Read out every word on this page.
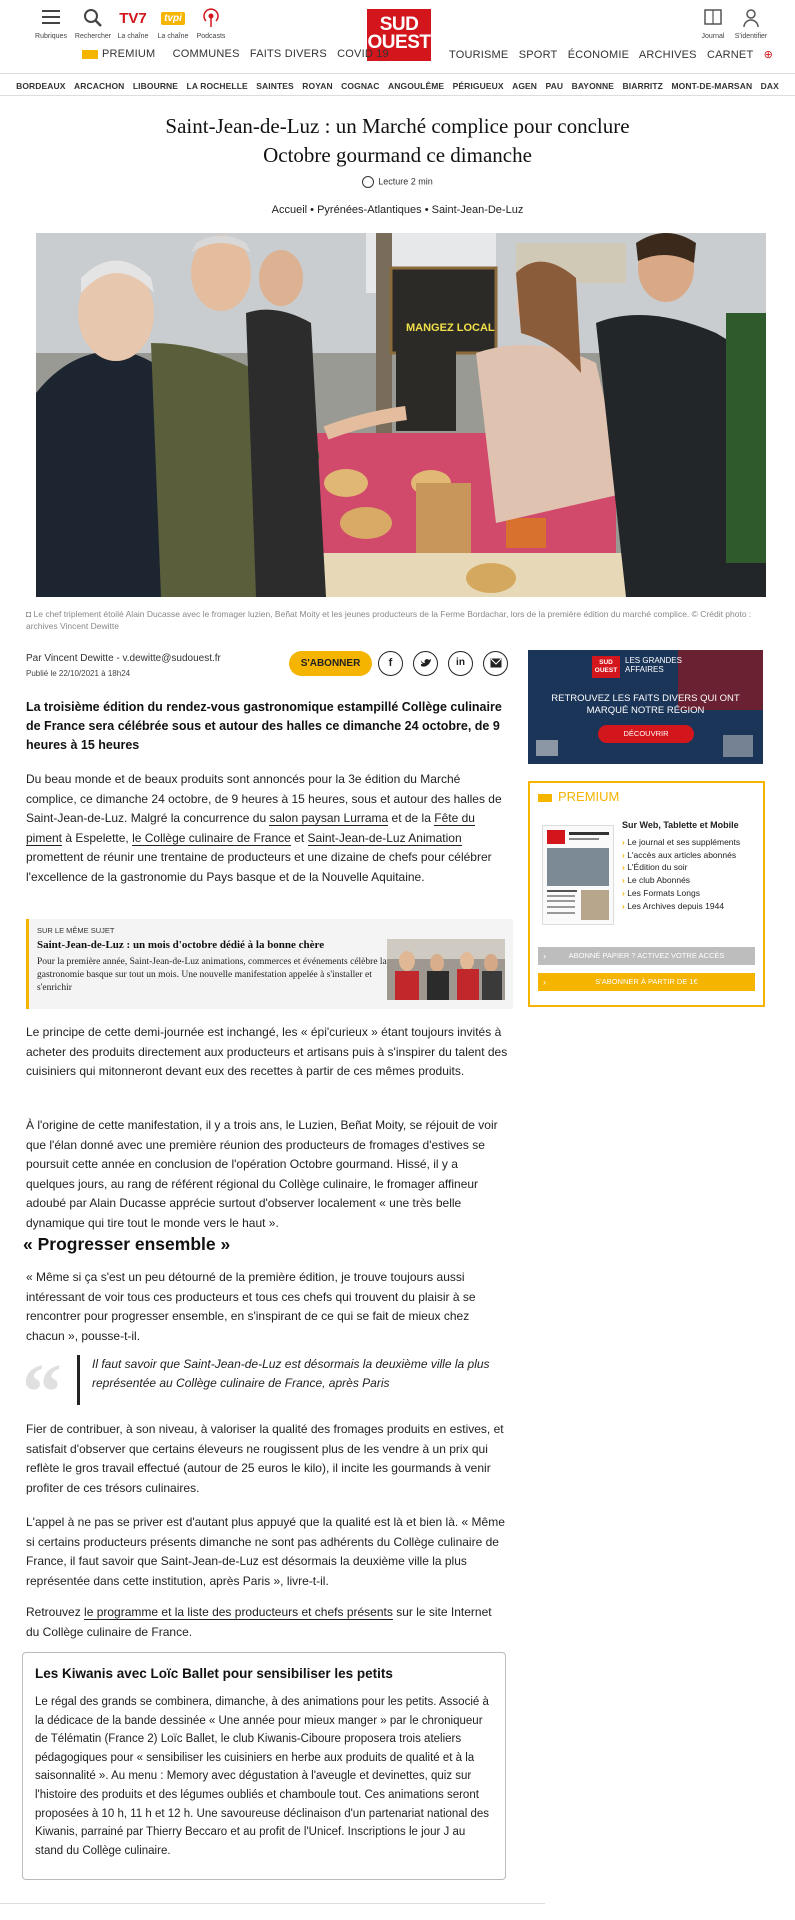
Rubriques	Rechercher
TV7
La chaîne
tvpi
La chaîne	Podcasts
SUD
OUEST	Journal	S'identifier
PREMIUM COMMUNES FAITS DIVERS COVID 19	TOURISME SPORT ÉCONOMIE ARCHIVES CARNET ⊕
BORDEAUX ARCACHON LIBOURNE LA ROCHELLE SAINTES ROYAN COGNAC ANGOULÊME PÉRIGUEUX AGEN PAU BAYONNE BIARRITZ MONT-DE-MARSAN DAX
Saint-Jean-de-Luz : un Marché complice pour conclure
Octobre gourmand ce dimanche
Lecture 2 min
Accueil • Pyrénées-Atlantiques • Saint-Jean-De-Luz
MANGEZ LOCAL
◘ Le chef triplement étoilé Alain Ducasse avec le fromager luzien, Beñat Moity et les jeunes producteurs de la Ferme Bordachar, lors de la première édition du marché complice. © Crédit photo : archives Vincent Dewitte
Par Vincent Dewitte - v.dewitte@sudouest.fr
Publié le 22/10/2021 à 18h24
S'ABONNER	f	in

La troisième édition du rendez-vous gastronomique estampillé Collège culinaire de France sera célébrée sous et autour des halles ce dimanche 24 octobre, de 9 heures à 15 heures

Du beau monde et de beaux produits sont annoncés pour la 3e édition du Marché complice, ce dimanche 24 octobre, de 9 heures à 15 heures, sous et autour des halles de Saint-Jean-de-Luz. Malgré la concurrence du salon paysan Lurrama et de la Fête du piment à Espelette, le Collège culinaire de France et Saint-Jean-de-Luz Animation promettent de réunir une trentaine de producteurs et une dizaine de chefs pour célébrer l'excellence de la gastronomie du Pays basque et de la Nouvelle Aquitaine.

SUR LE MÊME SUJET
Saint-Jean-de-Luz : un mois d'octobre dédié à la bonne chère
Pour la première année, Saint-Jean-de-Luz animations, commerces et événements célèbre la gastronomie basque sur tout un mois. Une nouvelle manifestation appelée à s'installer et s'enrichir

Le principe de cette demi-journée est inchangé, les « épi'curieux » étant toujours invités à acheter des produits directement aux producteurs et artisans puis à s'inspirer du talent des cuisiniers qui mitonneront devant eux des recettes à partir de ces mêmes produits.

À l'origine de cette manifestation, il y a trois ans, le Luzien, Beñat Moity, se réjouit de voir que l'élan donné avec une première réunion des producteurs de fromages d'estives se poursuit cette année en conclusion de l'opération Octobre gourmand. Hissé, il y a quelques jours, au rang de référent régional du Collège culinaire, le fromager affineur adoubé par Alain Ducasse apprécie surtout d'observer localement « une très belle dynamique qui tire tout le monde vers le haut ».

« Progresser ensemble »

« Même si ça s'est un peu détourné de la première édition, je trouve toujours aussi intéressant de voir tous ces producteurs et tous ces chefs qui trouvent du plaisir à se rencontrer pour progresser ensemble, en s'inspirant de ce qui se fait de mieux chez chacun », pousse-t-il.

“	Il faut savoir que Saint-Jean-de-Luz est désormais la deuxième ville la plus représentée au Collège culinaire de France, après Paris

Fier de contribuer, à son niveau, à valoriser la qualité des fromages produits en estives, et satisfait d'observer que certains éleveurs ne rougissent plus de les vendre à un prix qui reflète le gros travail effectué (autour de 25 euros le kilo), il incite les gourmands à venir profiter de ces trésors culinaires.

L'appel à ne pas se priver est d'autant plus appuyé que la qualité est là et bien là. « Même si certains producteurs présents dimanche ne sont pas adhérents du Collège culinaire de France, il faut savoir que Saint-Jean-de-Luz est désormais la deuxième ville la plus représentée dans cette institution, après Paris », livre-t-il.

Retrouvez le programme et la liste des producteurs et chefs présents sur le site Internet du Collège culinaire de France.

Les Kiwanis avec Loïc Ballet pour sensibiliser les petits
Le régal des grands se combinera, dimanche, à des animations pour les petits. Associé à la dédicace de la bande dessinée « Une année pour mieux manger » par le chroniqueur de Télématin (France 2) Loïc Ballet, le club Kiwanis-Ciboure proposera trois ateliers pédagogiques pour « sensibiliser les cuisiniers en herbe aux produits de qualité et à la saisonnalité ». Au menu : Memory avec dégustation à l'aveugle et devinettes, quiz sur l'histoire des produits et des légumes oubliés et chamboule tout. Ces animations seront proposées à 10 h, 11 h et 12 h. Une savoureuse déclinaison d'un partenariat national des Kiwanis, parrainé par Thierry Beccaro et au profit de l'Unicef. Inscriptions le jour J au stand du Collège culinaire.
SUD OUEST
LES GRANDES
AFFAIRES
RETROUVEZ LES FAITS DIVERS QUI ONT MARQUÉ NOTRE RÉGION
DÉCOUVRIR
PREMIUM
Sur Web, Tablette et Mobile
› Le journal et ses suppléments
› L'accès aux articles abonnés
› L'Édition du soir
› Le club Abonnés
› Les Formats Longs
› Les Archives depuis 1944
›	ABONNÉ PAPIER ? ACTIVEZ VOTRE ACCÈS
›	S'ABONNER À PARTIR DE 1€
